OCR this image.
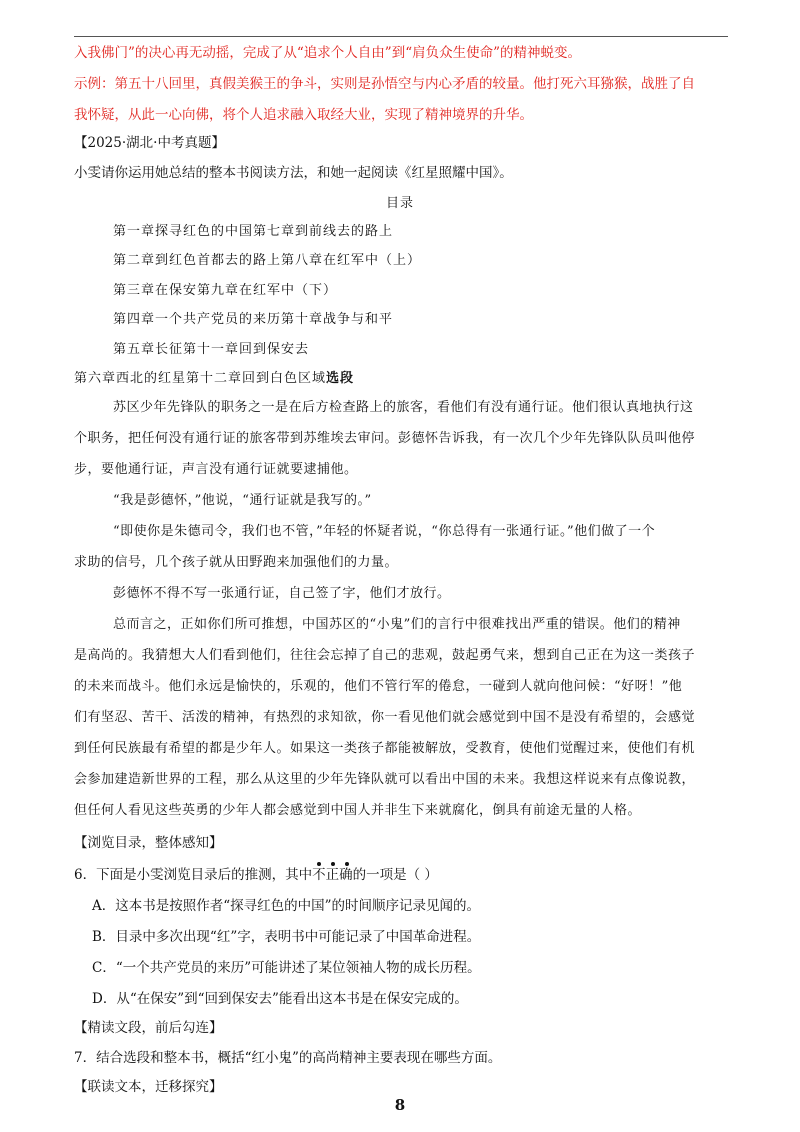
入我佛门”的决心再无动摇，完成了从“追求个人自由”到“肩负众生使命”的精神蜕变。
示例：第五十八回里，真假美猴王的争斗，实则是孙悟空与内心矛盾的较量。他打死六耳猕猴，战胜了自
我怀疑，从此一心向佛，将个人追求融入取经大业，实现了精神境界的升华。
【2025·湖北·中考真题】
小雯请你运用她总结的整本书阅读方法，和她一起阅读《红星照耀中国》。
目录
第一章探寻红色的中国第七章到前线去的路上
第二章到红色首都去的路上第八章在红军中（上）
第三章在保安第九章在红军中（下）
第四章一个共产党员的来历第十章战争与和平
第五章长征第十一章回到保安去
第六章西北的红星第十二章回到白色区域选段
苏区少年先锋队的职务之一是在后方检查路上的旅客，看他们有没有通行证。他们很认真地执行这
个职务，把任何没有通行证的旅客带到苏维埃去审问。彭德怀告诉我，有一次几个少年先锋队队员叫他停
步，要他通行证，声言没有通行证就要逮捕他。
“我是彭德怀，”他说，“通行证就是我写的。”
“即使你是朱德司令，我们也不管，”年轻的怀疑者说，“你总得有一张通行证。”他们做了一个
求助的信号，几个孩子就从田野跑来加强他们的力量。
彭德怀不得不写一张通行证，自己签了字，他们才放行。
总而言之，正如你们所可推想，中国苏区的“小鬼”们的言行中很难找出严重的错误。他们的精神
是高尚的。我猜想大人们看到他们，往往会忘掉了自己的悲观，鼓起勇气来，想到自己正在为这一类孩子
的未来而战斗。他们永远是愉快的，乐观的，他们不管行军的倦怠，一碰到人就向他问候：“好呀！”他
们有坚忍、苦干、活泼的精神，有热烈的求知欲，你一看见他们就会感觉到中国不是没有希望的，会感觉
到任何民族最有希望的都是少年人。如果这一类孩子都能被解放，受教育，使他们觉醒过来，使他们有机
会参加建造新世界的工程，那么从这里的少年先锋队就可以看出中国的未来。我想这样说来有点像说教，
但任何人看见这些英勇的少年人都会感觉到中国人并非生下来就腐化，倒具有前途无量的人格。
【浏览目录，整体感知】
6．下面是小雯浏览目录后的推测，其中不正确
的一项是（ ）
A．这本书是按照作者“探寻红色的中国”的时间顺序记录见闻的。
B．目录中多次出现“红”字，表明书中可能记录了中国革命进程。
C．“一个共产党员的来历”可能讲述了某位领袖人物的成长历程。
D．从“在保安”到“回到保安去”能看出这本书是在保安完成的。
【精读文段，前后勾连】
7．结合选段和整本书，概括“红小鬼”的高尚精神主要表现在哪些方面。
【联读文本，迁移探究】
8
